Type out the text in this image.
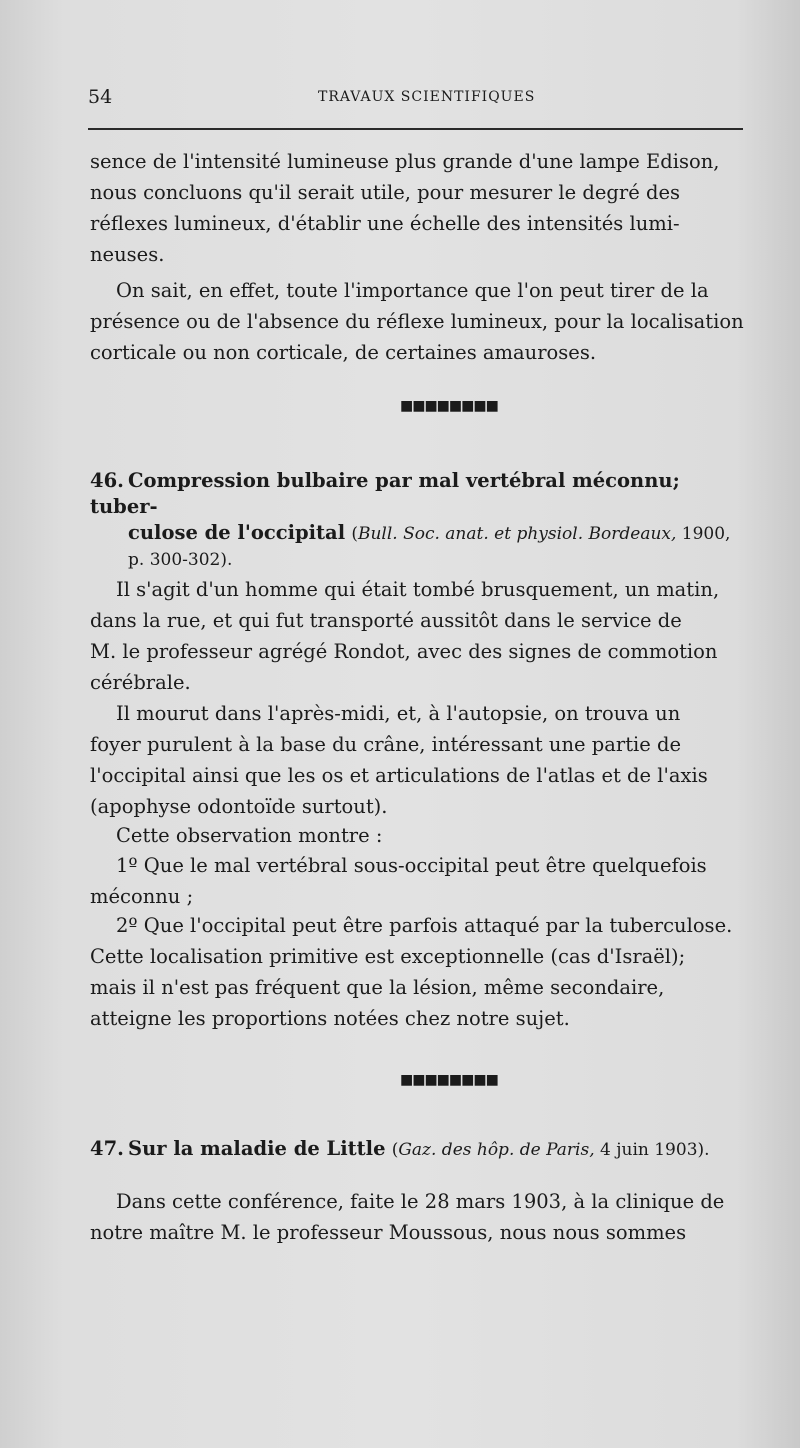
54	TRAVAUX SCIENTIFIQUES
sence de l'intensité lumineuse plus grande d'une lampe Edison,
nous concluons qu'il serait utile, pour mesurer le degré des
réflexes lumineux, d'établir une échelle des intensités lumi-
neuses.
On sait, en effet, toute l'importance que l'on peut tirer de la
présence ou de l'absence du réflexe lumineux, pour la localisation
corticale ou non corticale, de certaines amauroses.
■■■■■■■■
46. Compression bulbaire par mal vertébral méconnu; tuber-
culose de l'occipital (Bull. Soc. anat. et physiol. Bordeaux, 1900,
p. 300-302).
Il s'agit d'un homme qui était tombé brusquement, un matin,
dans la rue, et qui fut transporté aussitôt dans le service de
M. le professeur agrégé Rondot, avec des signes de commotion
cérébrale.
Il mourut dans l'après-midi, et, à l'autopsie, on trouva un
foyer purulent à la base du crâne, intéressant une partie de
l'occipital ainsi que les os et articulations de l'atlas et de l'axis
(apophyse odontoïde surtout).
Cette observation montre :
1º Que le mal vertébral sous-occipital peut être quelquefois
méconnu ;
2º Que l'occipital peut être parfois attaqué par la tuberculose.
Cette localisation primitive est exceptionnelle (cas d'Israël);
mais il n'est pas fréquent que la lésion, même secondaire,
atteigne les proportions notées chez notre sujet.
■■■■■■■■
47. Sur la maladie de Little (Gaz. des hôp. de Paris, 4 juin 1903).
Dans cette conférence, faite le 28 mars 1903, à la clinique de
notre maître M. le professeur Moussous, nous nous sommes
